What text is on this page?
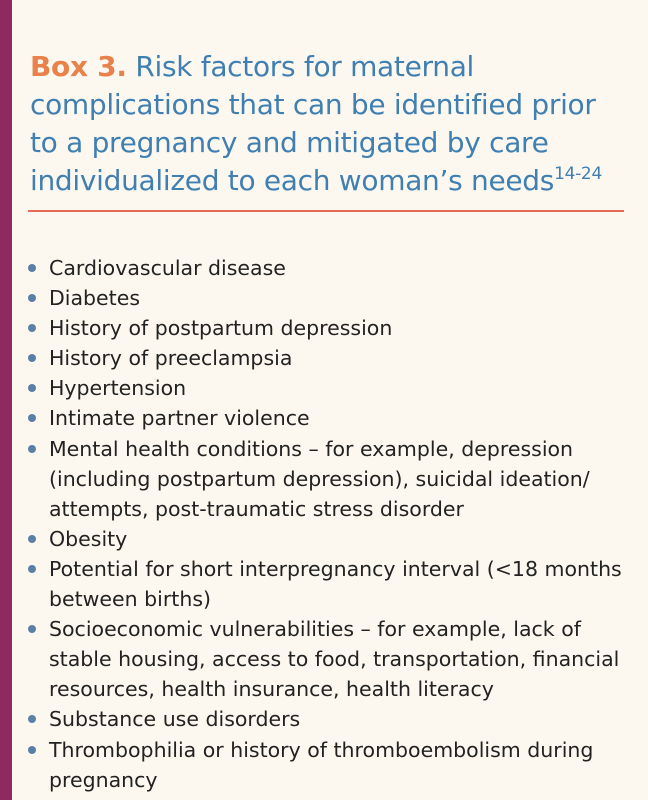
Box 3. Risk factors for maternal complications that can be identified prior to a pregnancy and mitigated by care individualized to each woman’s needs$^{14-24}$
Cardiovascular disease
Diabetes
History of postpartum depression
History of preeclampsia
Hypertension
Intimate partner violence
Mental health conditions – for example, depression (including postpartum depression), suicidal ideation/ attempts, post-traumatic stress disorder
Obesity
Potential for short interpregnancy interval (<18 months between births)
Socioeconomic vulnerabilities – for example, lack of stable housing, access to food, transportation, financial resources, health insurance, health literacy
Substance use disorders
Thrombophilia or history of thromboembolism during pregnancy
